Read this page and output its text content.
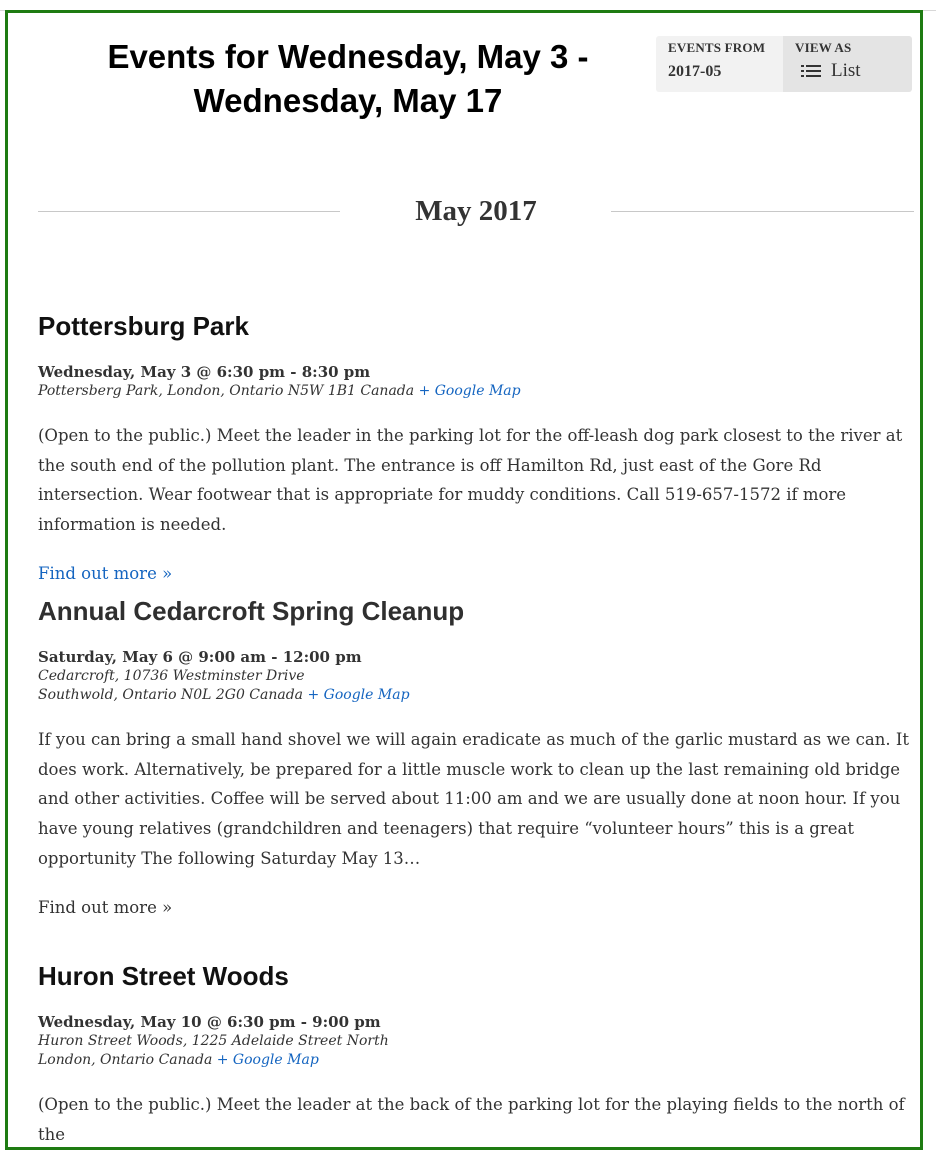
Events for Wednesday, May 3 - Wednesday, May 17
EVENTS FROM
2017-05
VIEW AS
List
May 2017
Pottersburg Park
Wednesday, May 3 @ 6:30 pm - 8:30 pm
Pottersberg Park, London, Ontario N5W 1B1 Canada + Google Map
(Open to the public.) Meet the leader in the parking lot for the off-leash dog park closest to the river at the south end of the pollution plant. The entrance is off Hamilton Rd, just east of the Gore Rd intersection. Wear footwear that is appropriate for muddy conditions. Call 519-657-1572 if more information is needed.
Find out more »
Annual Cedarcroft Spring Cleanup
Saturday, May 6 @ 9:00 am - 12:00 pm
Cedarcroft, 10736 Westminster Drive
Southwold, Ontario N0L 2G0 Canada + Google Map
If you can bring a small hand shovel we will again eradicate as much of the garlic mustard as we can. It does work. Alternatively, be prepared for a little muscle work to clean up the last remaining old bridge and other activities. Coffee will be served about 11:00 am and we are usually done at noon hour. If you have young relatives (grandchildren and teenagers) that require “volunteer hours” this is a great opportunity The following Saturday May 13…
Find out more »
Huron Street Woods
Wednesday, May 10 @ 6:30 pm - 9:00 pm
Huron Street Woods, 1225 Adelaide Street North
London, Ontario Canada + Google Map
(Open to the public.) Meet the leader at the back of the parking lot for the playing fields to the north of the
